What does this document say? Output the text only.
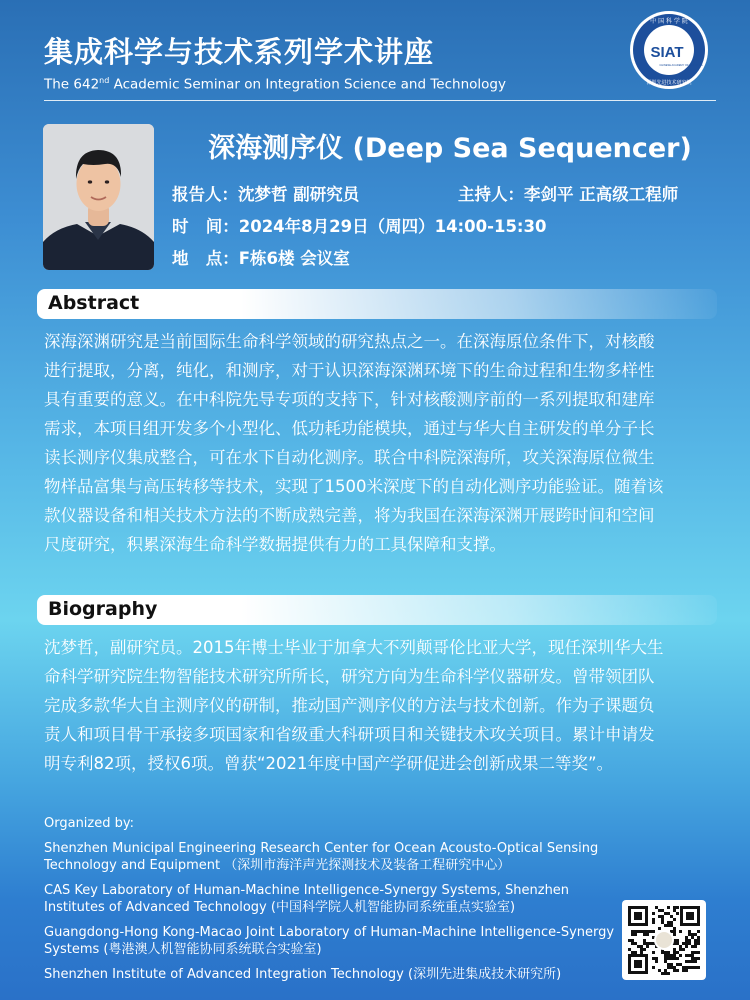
集成科学与技术系列学术讲座
The 642nd Academic Seminar on Integration Science and Technology
中 国 科 学 院
深圳先进技术研究院
SIAT
CHINESE ACADEMY OF SCIENCES
深海测序仪 (Deep Sea Sequencer)
报告人：沈梦哲 副研究员	主持人：李剑平 正高级工程师
时   间：2024年8月29日（周四）14:00-15:30
地   点：F栋6楼 会议室
Abstract
深海深渊研究是当前国际生命科学领域的研究热点之一。在深海原位条件下，对核酸
进行提取，分离，纯化，和测序，对于认识深海深渊环境下的生命过程和生物多样性
具有重要的意义。在中科院先导专项的支持下，针对核酸测序前的一系列提取和建库
需求，本项目组开发多个小型化、低功耗功能模块，通过与华大自主研发的单分子长
读长测序仪集成整合，可在水下自动化测序。联合中科院深海所，攻关深海原位微生
物样品富集与高压转移等技术，实现了1500米深度下的自动化测序功能验证。随着该
款仪器设备和相关技术方法的不断成熟完善，将为我国在深海深渊开展跨时间和空间
尺度研究，积累深海生命科学数据提供有力的工具保障和支撑。
Biography
沈梦哲，副研究员。2015年博士毕业于加拿大不列颠哥伦比亚大学，现任深圳华大生
命科学研究院生物智能技术研究所所长，研究方向为生命科学仪器研发。曾带领团队
完成多款华大自主测序仪的研制，推动国产测序仪的方法与技术创新。作为子课题负
责人和项目骨干承接多项国家和省级重大科研项目和关键技术攻关项目。累计申请发
明专利82项，授权6项。曾获“2021年度中国产学研促进会创新成果二等奖”。
Organized by:
Shenzhen Municipal Engineering Research Center for Ocean Acousto-Optical Sensing Technology and Equipment （深圳市海洋声光探测技术及装备工程研究中心）
CAS Key Laboratory of Human-Machine Intelligence-Synergy Systems, Shenzhen Institutes of Advanced Technology (中国科学院人机智能协同系统重点实验室)
Guangdong-Hong Kong-Macao Joint Laboratory of Human-Machine Intelligence-Synergy Systems (粤港澳人机智能协同系统联合实验室)
Shenzhen Institute of Advanced Integration Technology (深圳先进集成技术研究所)
